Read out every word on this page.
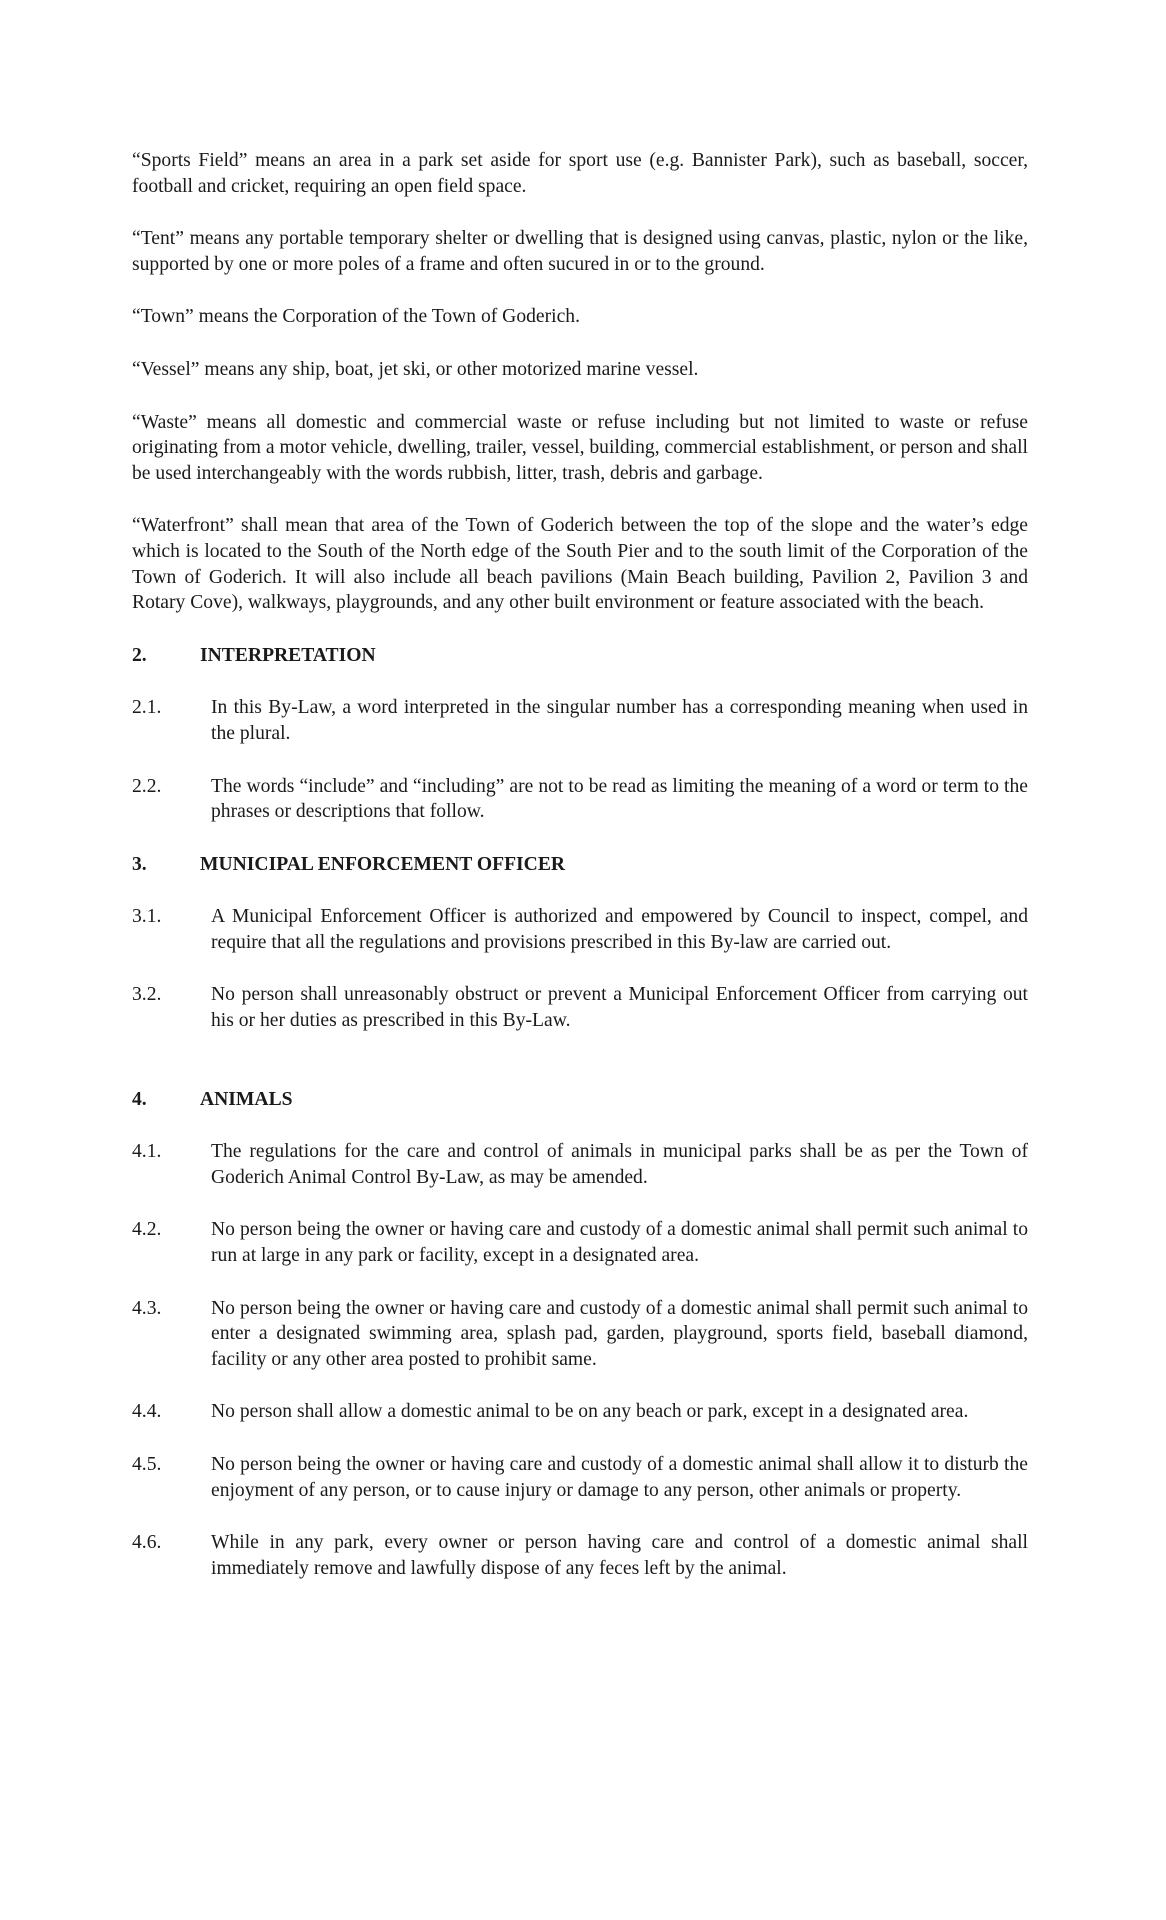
“Sports Field” means an area in a park set aside for sport use (e.g. Bannister Park), such as baseball, soccer, football and cricket, requiring an open field space.

“Tent” means any portable temporary shelter or dwelling that is designed using canvas, plastic, nylon or the like, supported by one or more poles of a frame and often sucured in or to the ground.

“Town” means the Corporation of the Town of Goderich.

“Vessel” means any ship, boat, jet ski, or other motorized marine vessel.

“Waste” means all domestic and commercial waste or refuse including but not limited to waste or refuse originating from a motor vehicle, dwelling, trailer, vessel, building, commercial establishment, or person and shall be used interchangeably with the words rubbish, litter, trash, debris and garbage.

“Waterfront” shall mean that area of the Town of Goderich between the top of the slope and the water’s edge which is located to the South of the North edge of the South Pier and to the south limit of the Corporation of the Town of Goderich. It will also include all beach pavilions (Main Beach building, Pavilion 2, Pavilion 3 and Rotary Cove), walkways, playgrounds, and any other built environment or feature associated with the beach.

2.	INTERPRETATION
2.1.	In this By-Law, a word interpreted in the singular number has a corresponding meaning when used in the plural.
2.2.	The words “include” and “including” are not to be read as limiting the meaning of a word or term to the phrases or descriptions that follow.
3.	MUNICIPAL ENFORCEMENT OFFICER
3.1.	A Municipal Enforcement Officer is authorized and empowered by Council to inspect, compel, and require that all the regulations and provisions prescribed in this By-law are carried out.
3.2.	No person shall unreasonably obstruct or prevent a Municipal Enforcement Officer from carrying out his or her duties as prescribed in this By-Law.
4.	ANIMALS
4.1.	The regulations for the care and control of animals in municipal parks shall be as per the Town of Goderich Animal Control By-Law, as may be amended.
4.2.	No person being the owner or having care and custody of a domestic animal shall permit such animal to run at large in any park or facility, except in a designated area.
4.3.	No person being the owner or having care and custody of a domestic animal shall permit such animal to enter a designated swimming area, splash pad, garden, playground, sports field, baseball diamond, facility or any other area posted to prohibit same.
4.4.	No person shall allow a domestic animal to be on any beach or park, except in a designated area.
4.5.	No person being the owner or having care and custody of a domestic animal shall allow it to disturb the enjoyment of any person, or to cause injury or damage to any person, other animals or property.
4.6.	While in any park, every owner or person having care and control of a domestic animal shall immediately remove and lawfully dispose of any feces left by the animal.
